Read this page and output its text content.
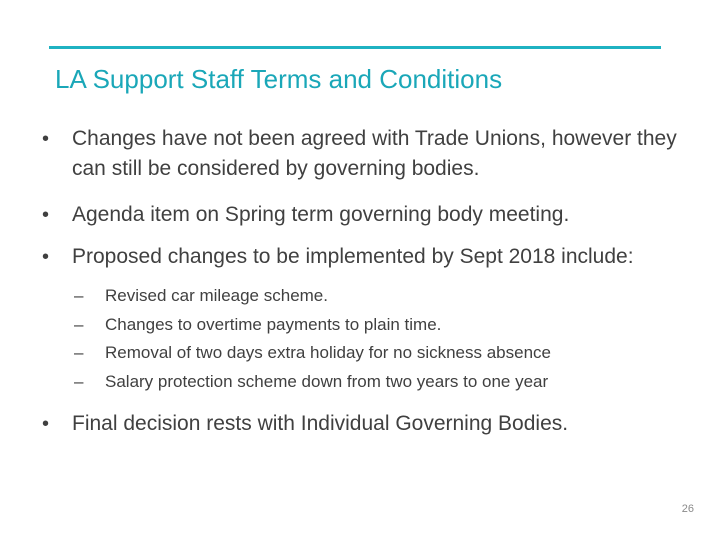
LA Support Staff Terms and Conditions
• Changes have not been agreed with Trade Unions, however they can still be considered by governing bodies.
• Agenda item on Spring term governing body meeting.
• Proposed changes to be implemented by Sept 2018 include:
– Revised car mileage scheme.
– Changes to overtime payments to plain time.
– Removal of two days extra holiday for no sickness absence
– Salary protection scheme down from two years to one year
• Final decision rests with Individual Governing Bodies.
26
